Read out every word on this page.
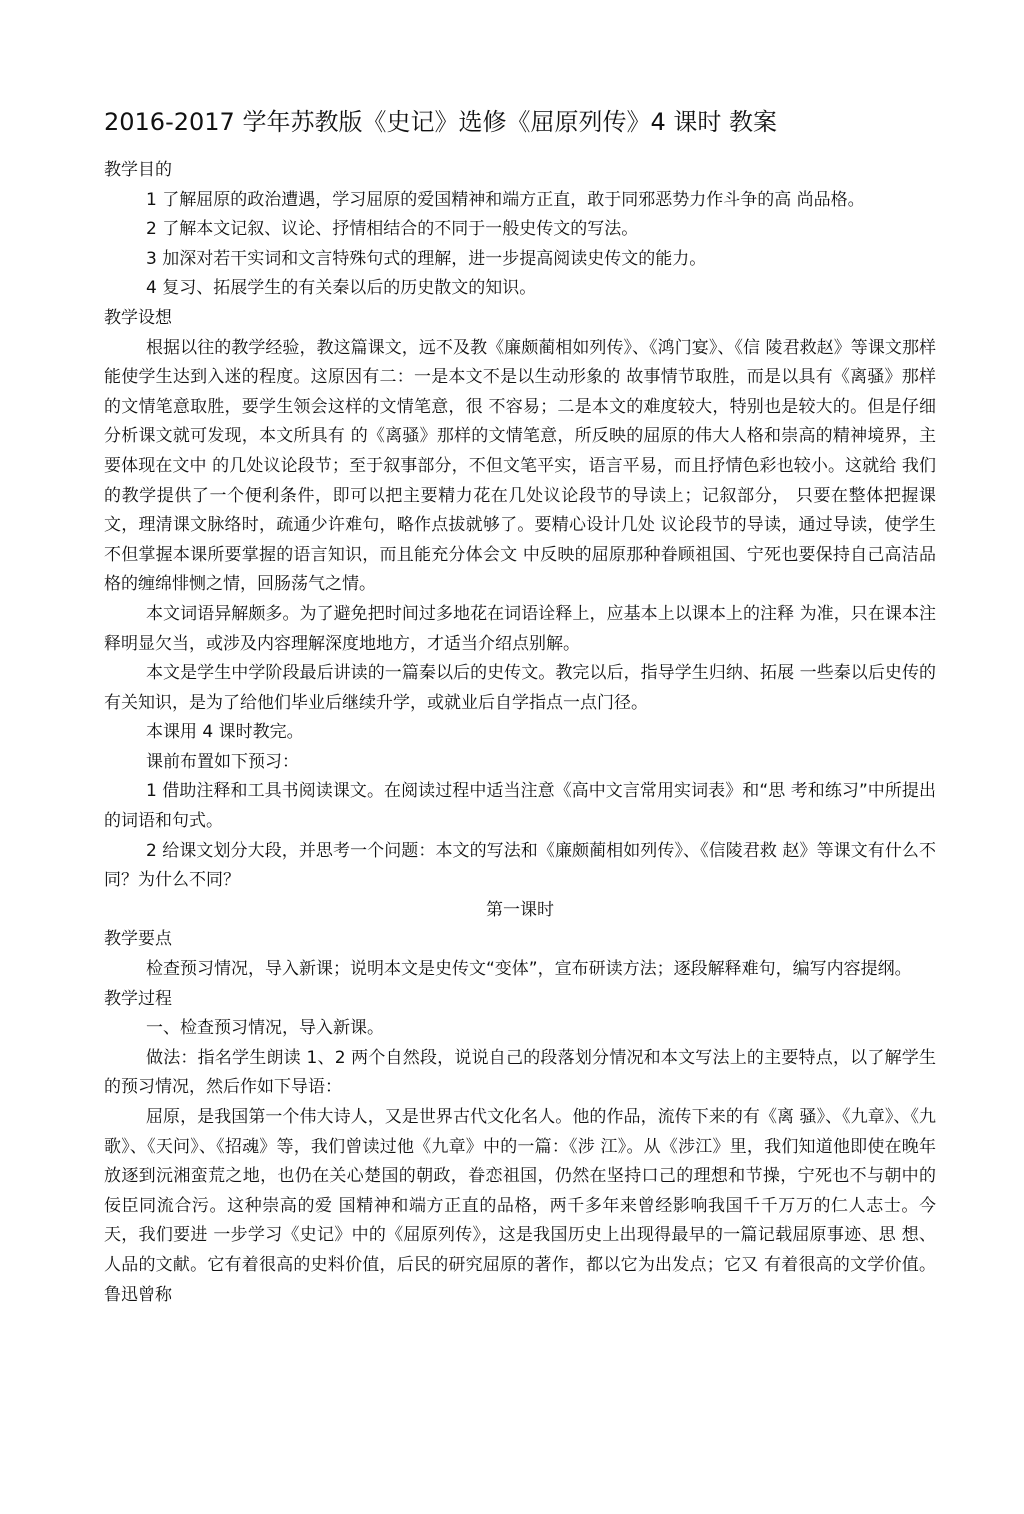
2016-2017 学年苏教版《史记》选修《屈原列传》4 课时 教案

教学目的

1 了解屈原的政治遭遇，学习屈原的爱国精神和端方正直，敢于同邪恶势力作斗争的高 尚品格。

2 了解本文记叙、议论、抒情相结合的不同于一般史传文的写法。

3 加深对若干实词和文言特殊句式的理解，进一步提高阅读史传文的能力。

4 复习、拓展学生的有关秦以后的历史散文的知识。

教学设想

根据以往的教学经验，教这篇课文，远不及教《廉颇蔺相如列传》、《鸿门宴》、《信 陵君救赵》等课文那样能使学生达到入迷的程度。这原因有二：一是本文不是以生动形象的 故事情节取胜，而是以具有《离骚》那样的文情笔意取胜，要学生领会这样的文情笔意，很 不容易；二是本文的难度较大，特别也是较大的。但是仔细分析课文就可发现，本文所具有 的《离骚》那样的文情笔意，所反映的屈原的伟大人格和崇高的精神境界，主要体现在文中 的几处议论段节；至于叙事部分，不但文笔平实，语言平易，而且抒情色彩也较小。这就给 我们的教学提供了一个便利条件，即可以把主要精力花在几处议论段节的导读上；记叙部分， 只要在整体把握课文，理清课文脉络时，疏通少许难句，略作点拔就够了。要精心设计几处 议论段节的导读，通过导读，使学生不但掌握本课所要掌握的语言知识，而且能充分体会文 中反映的屈原那种眷顾祖国、宁死也要保持自己高洁品格的缠绵悱恻之情，回肠荡气之情。

本文词语异解颇多。为了避免把时间过多地花在词语诠释上，应基本上以课本上的注释 为准，只在课本注释明显欠当，或涉及内容理解深度地地方，才适当介绍点别解。

本文是学生中学阶段最后讲读的一篇秦以后的史传文。教完以后，指导学生归纳、拓展 一些秦以后史传的有关知识，是为了给他们毕业后继续升学，或就业后自学指点一点门径。

本课用 4 课时教完。

课前布置如下预习：

1 借助注释和工具书阅读课文。在阅读过程中适当注意《高中文言常用实词表》和“思 考和练习”中所提出的词语和句式。

2 给课文划分大段，并思考一个问题：本文的写法和《廉颇蔺相如列传》、《信陵君救 赵》等课文有什么不同？为什么不同？

第一课时

教学要点

检查预习情况，导入新课；说明本文是史传文“变体”，宣布研读方法；逐段解释难句，编写内容提纲。

教学过程

一、检查预习情况，导入新课。

做法：指名学生朗读 1、2 两个自然段，说说自己的段落划分情况和本文写法上的主要特点，以了解学生的预习情况，然后作如下导语：

屈原，是我国第一个伟大诗人，又是世界古代文化名人。他的作品，流传下来的有《离 骚》、《九章》、《九歌》、《天问》、《招魂》等，我们曾读过他《九章》中的一篇：《涉 江》。从《涉江》里，我们知道他即使在晚年放逐到沅湘蛮荒之地，也仍在关心楚国的朝政，眷恋祖国，仍然在坚持口己的理想和节操，宁死也不与朝中的佞臣同流合污。这种崇高的爱 国精神和端方正直的品格，两千多年来曾经影响我国千千万万的仁人志士。今天，我们要进 一步学习《史记》中的《屈原列传》，这是我国历史上出现得最早的一篇记载屈原事迹、思 想、人品的文献。它有着很高的史料价值，后民的研究屈原的著作，都以它为出发点；它又 有着很高的文学价值。鲁迅曾称
